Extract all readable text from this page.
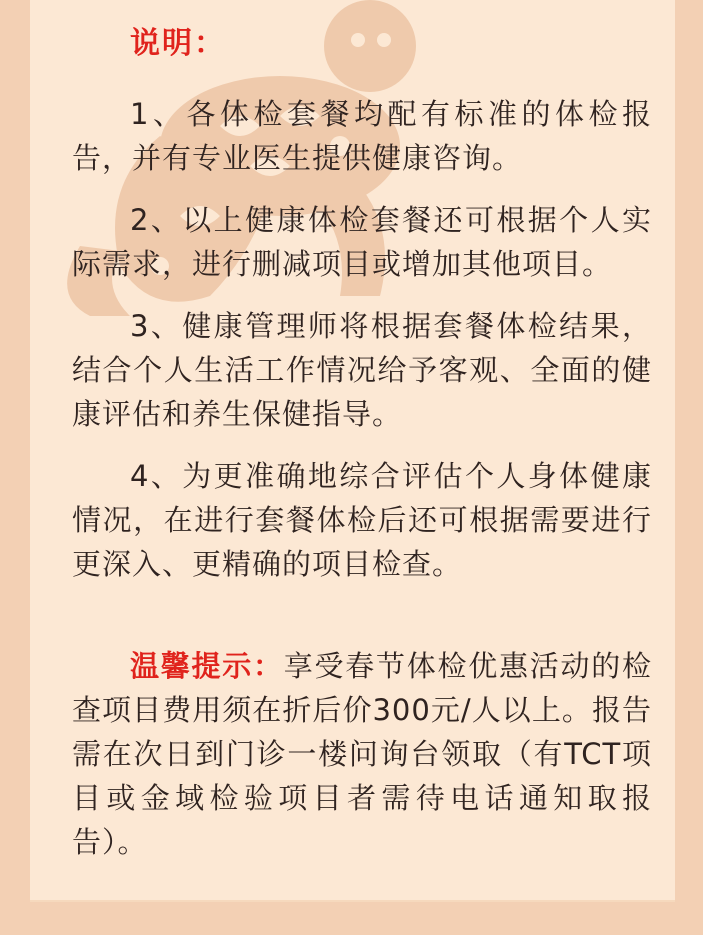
说明：

1、各体检套餐均配有标准的体检报告，并有专业医生提供健康咨询。

2、以上健康体检套餐还可根据个人实际需求，进行删减项目或增加其他项目。

3、健康管理师将根据套餐体检结果，结合个人生活工作情况给予客观、全面的健康评估和养生保健指导。

4、为更准确地综合评估个人身体健康情况，在进行套餐体检后还可根据需要进行更深入、更精确的项目检查。

温馨提示：享受春节体检优惠活动的检查项目费用须在折后价300元/人以上。报告需在次日到门诊一楼问询台领取（有TCT项目或金域检验项目者需待电话通知取报告）。
